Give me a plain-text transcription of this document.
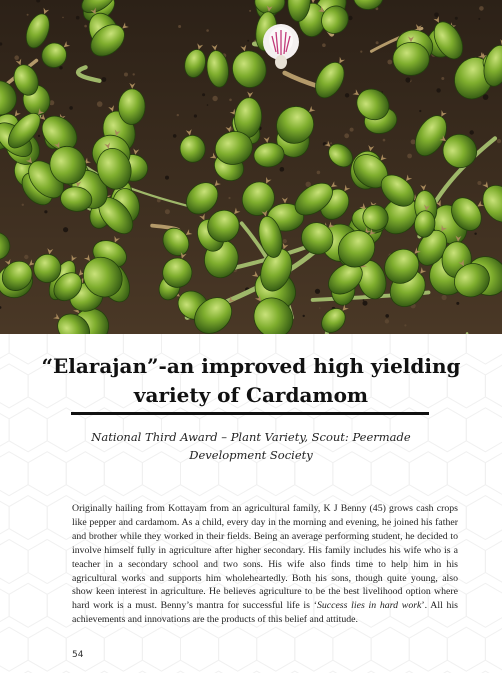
“Elarajan”-an improved high yielding variety of Cardamom
National Third Award – Plant Variety, Scout: Peermade Development Society

Originally hailing from Kottayam from an agricultural family, K J Benny (45) grows cash crops like pepper and cardamom. As a child, every day in the morning and evening, he joined his father and brother while they worked in their fields. Being an average performing student, he decided to involve himself fully in agriculture after higher secondary. His family includes his wife who is a teacher in a secondary school and two sons. His wife also finds time to help him in his agricultural works and supports him wholeheartedly. Both his sons, though quite young, also show keen interest in agriculture. He believes agriculture to be the best livelihood option where hard work is a must. Benny’s mantra for successful life is ‘Success lies in hard work’. All his achievements and innovations are the products of this belief and attitude.

54
